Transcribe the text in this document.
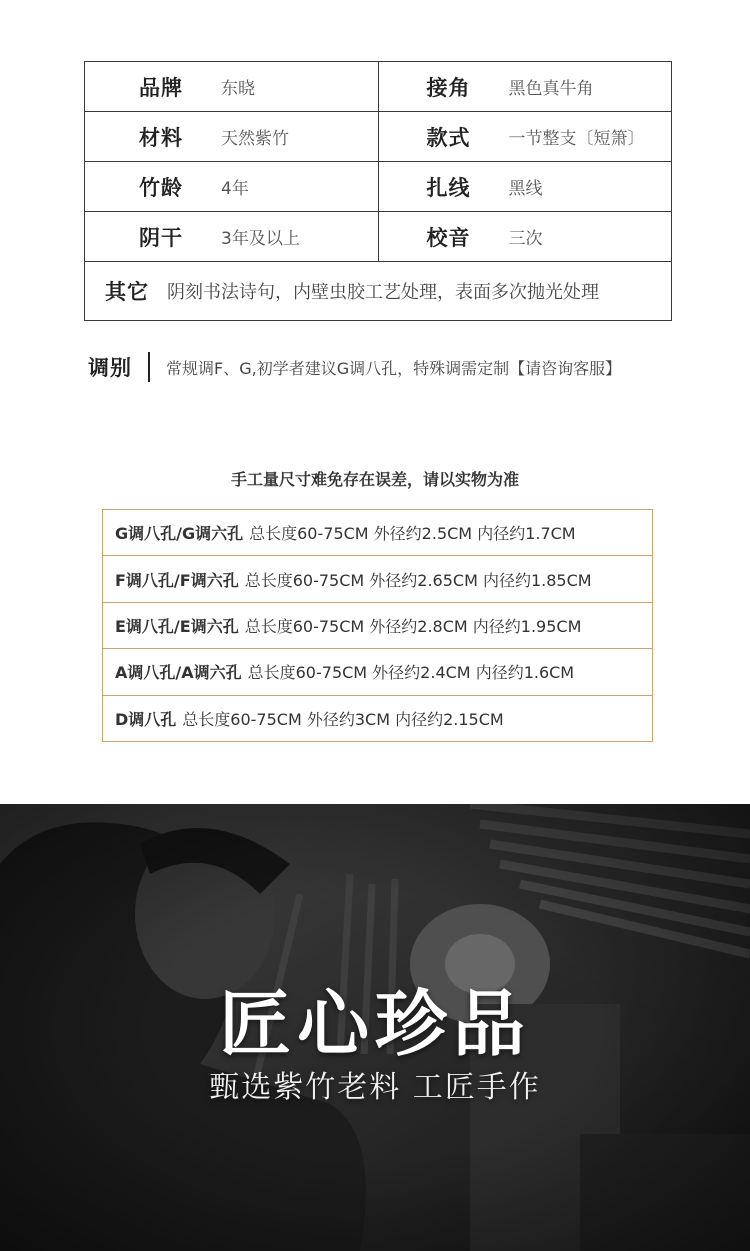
品牌 东晓	接角 黑色真牛角

材料 天然紫竹	款式 一节整支〔短箫〕

竹龄 4年	扎线 黑线

阴干 3年及以上	校音 三次

其它 阴刻书法诗句，内壁虫胶工艺处理，表面多次抛光处理	
调别 常规调F、G,初学者建议G调八孔，特殊调需定制【请咨询客服】
手工量尺寸难免存在误差，请以实物为准
G调八孔/G调六孔 总长度60-75CM 外径约2.5CM 内径约1.7CM
F调八孔/F调六孔 总长度60-75CM 外径约2.65CM 内径约1.85CM
E调八孔/E调六孔 总长度60-75CM 外径约2.8CM 内径约1.95CM
A调八孔/A调六孔 总长度60-75CM 外径约2.4CM 内径约1.6CM
D调八孔 总长度60-75CM 外径约3CM 内径约2.15CM
匠心珍品
甄选紫竹老料 工匠手作
